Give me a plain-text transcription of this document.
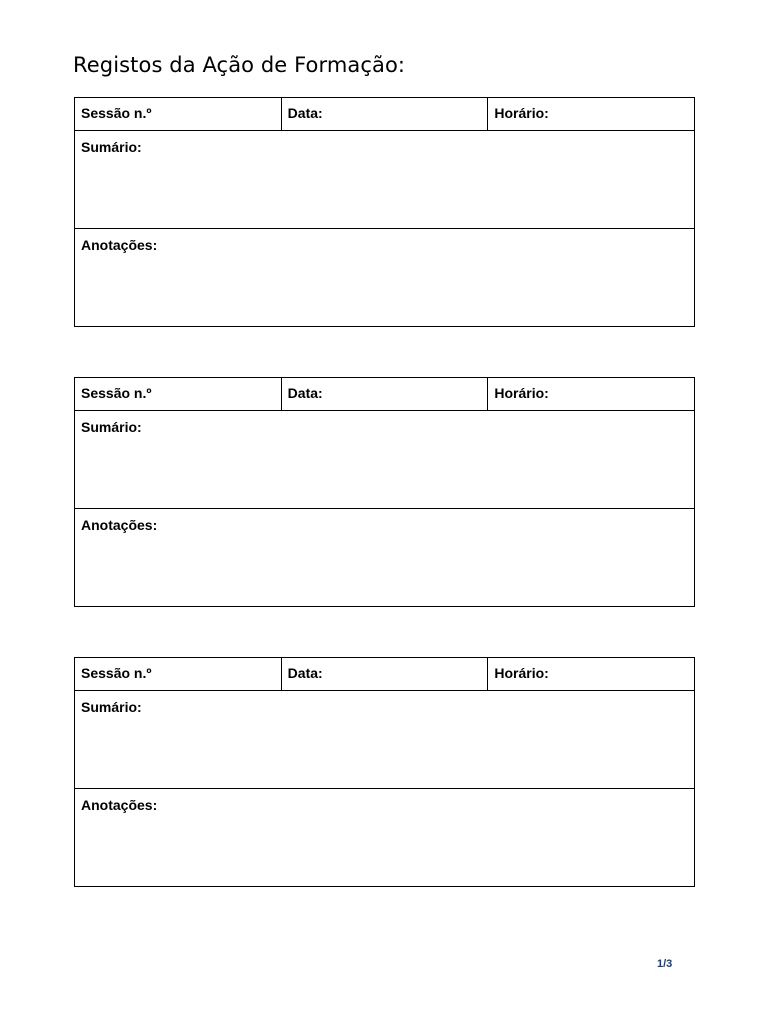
Registos da Ação de Formação:
Sessão n.º	Data:	Horário:
Sumário:
Anotações:
Sessão n.º	Data:	Horário:
Sumário:
Anotações:
Sessão n.º	Data:	Horário:
Sumário:
Anotações:
1/3
